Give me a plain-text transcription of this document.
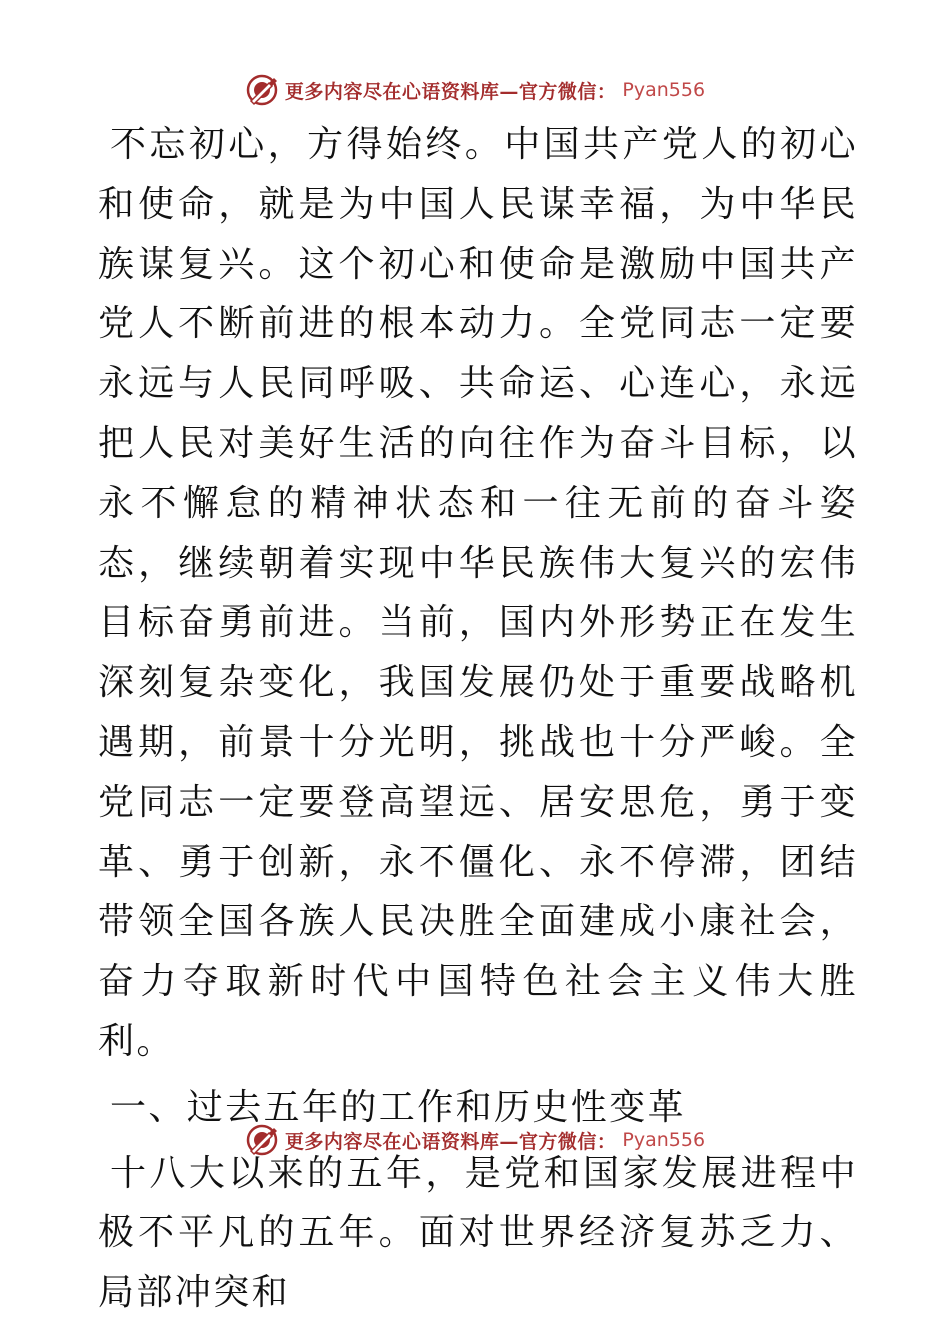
更多内容尽在心语资料库—官方微信： Pyan556

不忘初心，方得始终。中国共产党人的初心和使命，就是为中国人民谋幸福，为中华民族谋复兴。这个初心和使命是激励中国共产党人不断前进的根本动力。全党同志一定要永远与人民同呼吸、共命运、心连心，永远把人民对美好生活的向往作为奋斗目标，以永不懈怠的精神状态和一往无前的奋斗姿态，继续朝着实现中华民族伟大复兴的宏伟目标奋勇前进。当前，国内外形势正在发生深刻复杂变化，我国发展仍处于重要战略机遇期，前景十分光明，挑战也十分严峻。全党同志一定要登高望远、居安思危，勇于变革、勇于创新，永不僵化、永不停滞，团结带领全国各族人民决胜全面建成小康社会，奋力夺取新时代中国特色社会主义伟大胜利。

一、过去五年的工作和历史性变革

十八大以来的五年，是党和国家发展进程中极不平凡的五年。面对世界经济复苏乏力、局部冲突和

更多内容尽在心语资料库—官方微信： Pyan556
